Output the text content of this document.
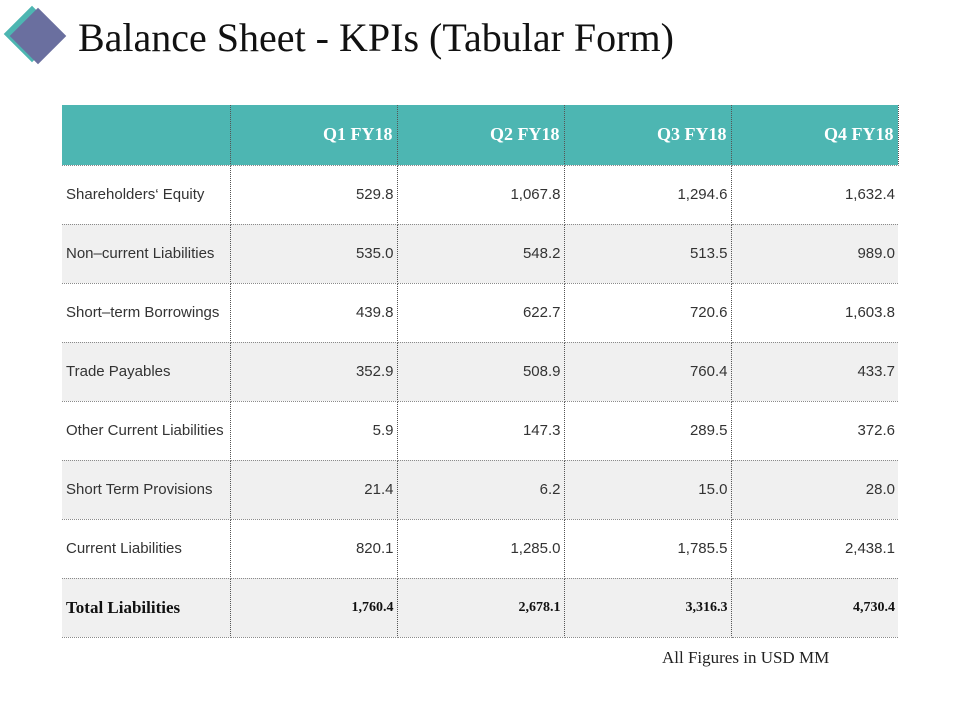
Balance Sheet - KPIs (Tabular Form)
	Q1 FY18	Q2 FY18	Q3 FY18	Q4 FY18
Shareholders‘ Equity	529.8	1,067.8	1,294.6	1,632.4
Non–current Liabilities	535.0	548.2	513.5	989.0
Short–term Borrowings	439.8	622.7	720.6	1,603.8
Trade Payables	352.9	508.9	760.4	433.7
Other Current Liabilities	5.9	147.3	289.5	372.6
Short Term Provisions	21.4	6.2	15.0	28.0
Current Liabilities	820.1	1,285.0	1,785.5	2,438.1
Total Liabilities	1,760.4	2,678.1	3,316.3	4,730.4
All Figures in USD MM
